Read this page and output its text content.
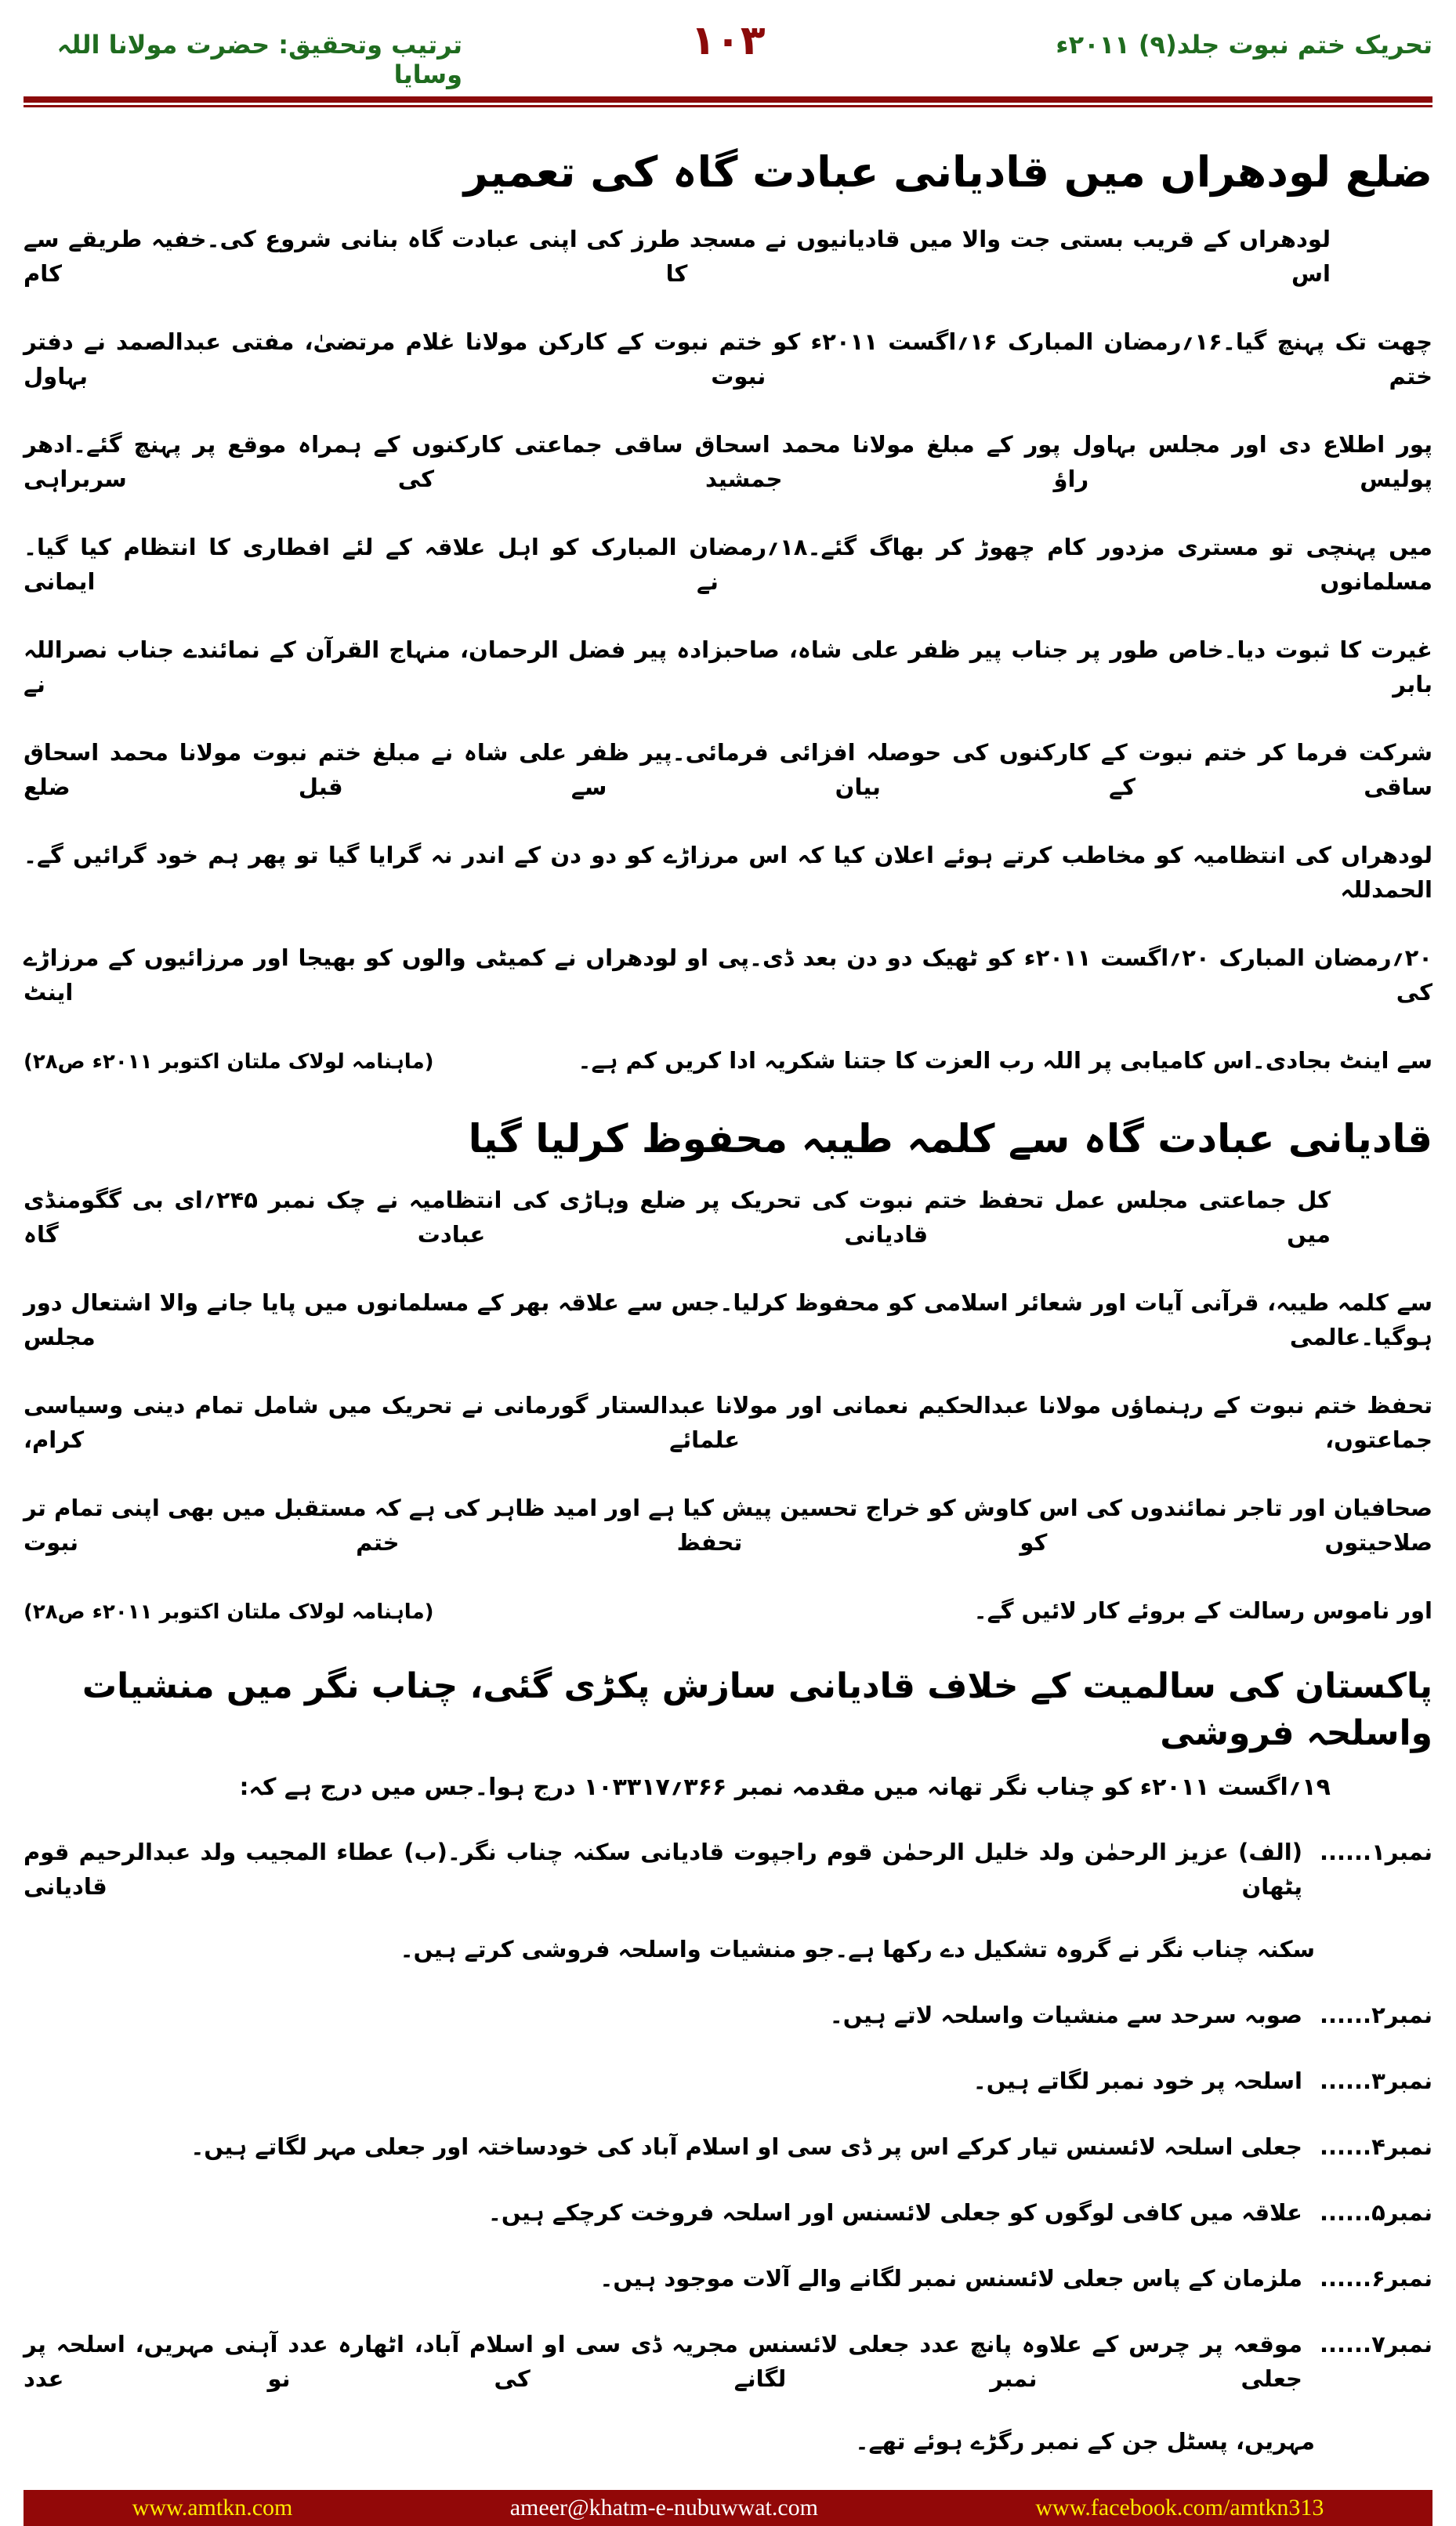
تحریک ختم نبوت جلد(۹) ۲۰۱۱ء
۱۰۳
ترتیب وتحقیق: حضرت مولانا اللہ وسایا
ضلع لودھراں میں قادیانی عبادت گاہ کی تعمیر
لودھراں کے قریب بستی جت والا میں قادیانیوں نے مسجد طرز کی اپنی عبادت گاہ بنانی شروع کی۔خفیہ طریقے سے اس کا کام
چھت تک پہنچ گیا۔۱۶؍رمضان المبارک ۱۶؍اگست ۲۰۱۱ء کو ختم نبوت کے کارکن مولانا غلام مرتضیٰ، مفتی عبدالصمد نے دفتر ختم نبوت بہاول
پور اطلاع دی اور مجلس بہاول پور کے مبلغ مولانا محمد اسحاق ساقی جماعتی کارکنوں کے ہمراہ موقع پر پہنچ گئے۔ادھر پولیس راؤ جمشید کی سربراہی
میں پہنچی تو مستری مزدور کام چھوڑ کر بھاگ گئے۔۱۸؍رمضان المبارک کو اہل علاقہ کے لئے افطاری کا انتظام کیا گیا۔مسلمانوں نے ایمانی
غیرت کا ثبوت دیا۔خاص طور پر جناب پیر ظفر علی شاہ، صاحبزادہ پیر فضل الرحمان، منہاج القرآن کے نمائندے جناب نصراللہ بابر نے
شرکت فرما کر ختم نبوت کے کارکنوں کی حوصلہ افزائی فرمائی۔پیر ظفر علی شاہ نے مبلغ ختم نبوت مولانا محمد اسحاق ساقی کے بیان سے قبل ضلع
لودھراں کی انتظامیہ کو مخاطب کرتے ہوئے اعلان کیا کہ اس مرزاڑے کو دو دن کے اندر نہ گرایا گیا تو پھر ہم خود گرائیں گے۔الحمدللہ
۲۰؍رمضان المبارک ۲۰؍اگست ۲۰۱۱ء کو ٹھیک دو دن بعد ڈی۔پی او لودھراں نے کمیٹی والوں کو بھیجا اور مرزائیوں کے مرزاڑے کی اینٹ
سے اینٹ بجادی۔اس کامیابی پر اللہ رب العزت کا جتنا شکریہ ادا کریں کم ہے۔
(ماہنامہ لولاک ملتان اکتوبر ۲۰۱۱ء ص۲۸)
قادیانی عبادت گاہ سے کلمہ طیبہ محفوظ کرلیا گیا
کل جماعتی مجلس عمل تحفظ ختم نبوت کی تحریک پر ضلع وہاڑی کی انتظامیہ نے چک نمبر ۲۴۵؍ای بی گگومنڈی میں قادیانی عبادت گاہ
سے کلمہ طیبہ، قرآنی آیات اور شعائر اسلامی کو محفوظ کرلیا۔جس سے علاقہ بھر کے مسلمانوں میں پایا جانے والا اشتعال دور ہوگیا۔عالمی مجلس
تحفظ ختم نبوت کے رہنماؤں مولانا عبدالحکیم نعمانی اور مولانا عبدالستار گورمانی نے تحریک میں شامل تمام دینی وسیاسی جماعتوں، علمائے کرام،
صحافیان اور تاجر نمائندوں کی اس کاوش کو خراج تحسین پیش کیا ہے اور امید ظاہر کی ہے کہ مستقبل میں بھی اپنی تمام تر صلاحیتوں کو تحفظ ختم نبوت
اور ناموس رسالت کے بروئے کار لائیں گے۔
(ماہنامہ لولاک ملتان اکتوبر ۲۰۱۱ء ص۲۸)
پاکستان کی سالمیت کے خلاف قادیانی سازش پکڑی گئی، چناب نگر میں منشیات واسلحہ فروشی
۱۹؍اگست ۲۰۱۱ء کو چناب نگر تھانہ میں مقدمہ نمبر ۳۶۶؍۱۰۳۳۱۷ درج ہوا۔جس میں درج ہے کہ:
نمبر۱......
(الف) عزیز الرحمٰن ولد خلیل الرحمٰن قوم راجپوت قادیانی سکنہ چناب نگر۔(ب) عطاء المجیب ولد عبدالرحیم قوم پٹھان قادیانی
سکنہ چناب نگر نے گروہ تشکیل دے رکھا ہے۔جو منشیات واسلحہ فروشی کرتے ہیں۔
نمبر۲......
صوبہ سرحد سے منشیات واسلحہ لاتے ہیں۔
نمبر۳......
اسلحہ پر خود نمبر لگاتے ہیں۔
نمبر۴......
جعلی اسلحہ لائسنس تیار کرکے اس پر ڈی سی او اسلام آباد کی خودساختہ اور جعلی مہر لگاتے ہیں۔
نمبر۵......
علاقہ میں کافی لوگوں کو جعلی لائسنس اور اسلحہ فروخت کرچکے ہیں۔
نمبر۶......
ملزمان کے پاس جعلی لائسنس نمبر لگانے والے آلات موجود ہیں۔
نمبر۷......
موقعہ پر چرس کے علاوہ پانچ عدد جعلی لائسنس مجریہ ڈی سی او اسلام آباد، اٹھارہ عدد آہنی مہریں، اسلحہ پر جعلی نمبر لگانے کی نو عدد
مہریں، پسٹل جن کے نمبر رگڑے ہوئے تھے۔
www.amtkn.com	ameer@khatm-e-nubuwwat.com	www.facebook.com/amtkn313
